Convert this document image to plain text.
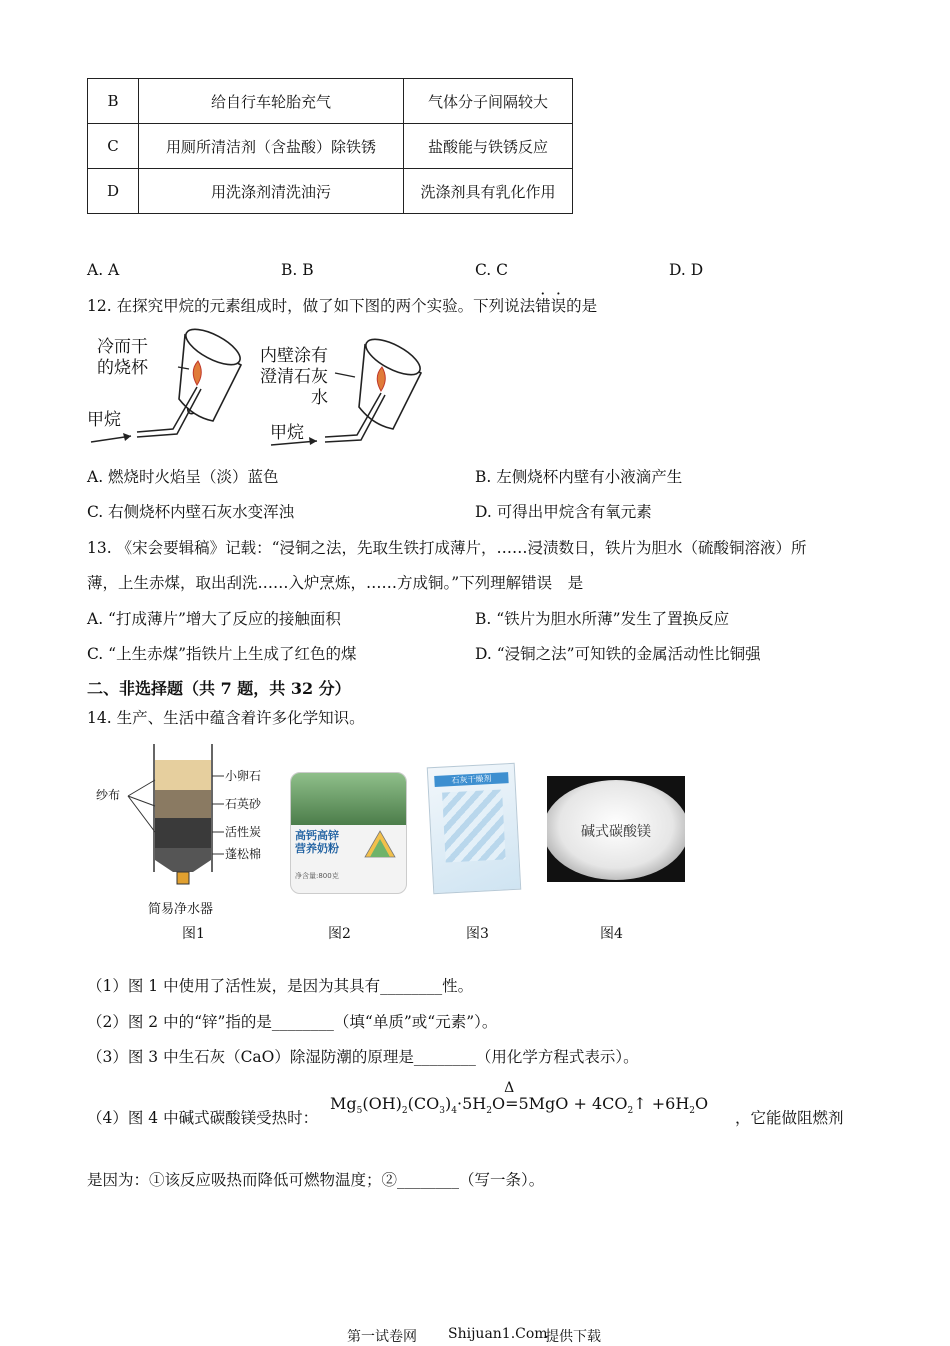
B	给自行车轮胎充气	气体分子间隔较大
C	用厕所清洁剂（含盐酸）除铁锈	盐酸能与铁锈反应
D	用洗涤剂清洗油污	洗涤剂具有乳化作用
A. A	B. B	C. C	D. D
12. 在探究甲烷的元素组成时，做了如下图的两个实验。下列说法错误的是
冷而干
的烧杯
内壁涂有
澄清石灰水
甲烷
甲烷
A. 燃烧时火焰呈（淡）蓝色	B. 左侧烧杯内壁有小液滴产生
C. 右侧烧杯内壁石灰水变浑浊	D. 可得出甲烷含有氧元素
13. 《宋会要辑稿》记载：“浸铜之法，先取生铁打成薄片，……浸渍数日，铁片为胆水（硫酸铜溶液）所
薄，上生赤煤，取出刮洗……入炉烹炼，……方成铜。”下列理解错误　是
A. “打成薄片”增大了反应的接触面积	B. “铁片为胆水所薄”发生了置换反应
C. “上生赤煤”指铁片上生成了红色的煤	D. “浸铜之法”可知铁的金属活动性比铜强
二、非选择题（共 7 题，共 32 分）
14. 生产、生活中蕴含着许多化学知识。
小卵石
石英砂
活性炭
蓬松棉
纱布
简易净水器
高钙高锌
营养奶粉
净含量:800克
石灰干燥剂
碱式碳酸镁
图1	图2	图3	图4
（1）图 1 中使用了活性炭，是因为其具有________性。
（2）图 2 中的“锌”指的是________（填“单质”或“元素”）。
（3）图 3 中生石灰（CaO）除湿防潮的原理是________（用化学方程式表示）。
（4）图 4 中碱式碳酸镁受热时：
$Mg_5(OH)_2(CO_3)_4\cdot 5H_2O=$
Δ
$5MgO + 4CO_2↑ +6H_2O$
，它能做阻燃剂
是因为：①该反应吸热而降低可燃物温度；②________（写一条）。
第一试卷网 Shijuan1.Com
提供下载
